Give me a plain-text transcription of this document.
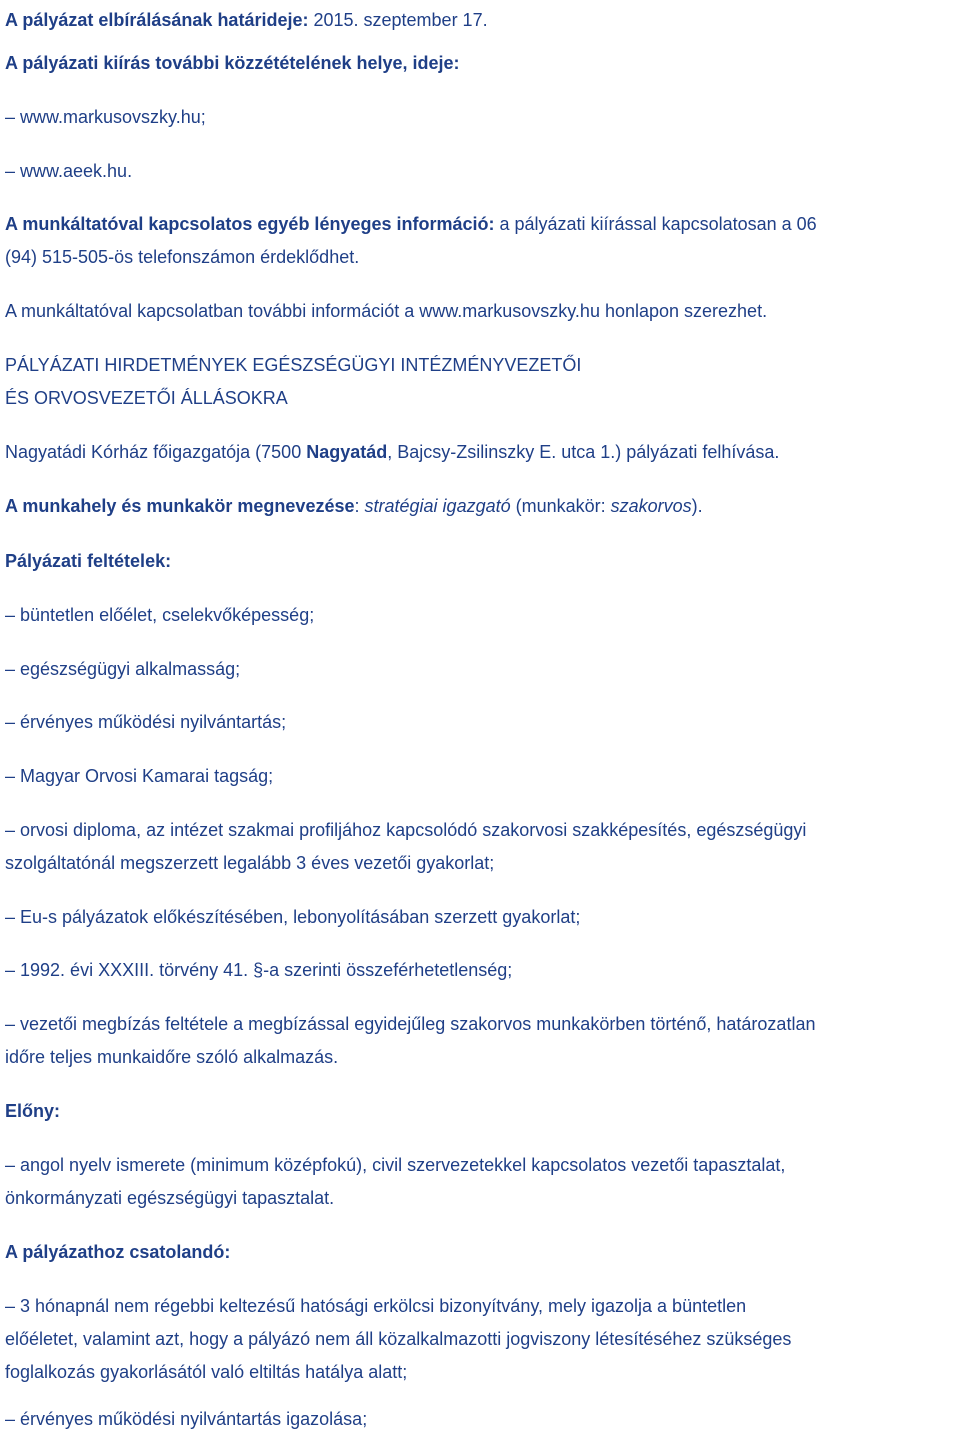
A pályázat elbírálásának határideje: 2015. szeptember 17.
A pályázati kiírás további közzétételének helye, ideje:
– www.markusovszky.hu;
– www.aeek.hu.
A munkáltatóval kapcsolatos egyéb lényeges információ: a pályázati kiírással kapcsolatosan a 06
(94) 515-505-ös telefonszámon érdeklődhet.
A munkáltatóval kapcsolatban további információt a www.markusovszky.hu honlapon szerezhet.
PÁLYÁZATI HIRDETMÉNYEK EGÉSZSÉGÜGYI INTÉZMÉNYVEZETŐI
ÉS ORVOSVEZETŐI ÁLLÁSOKRA
Nagyatádi Kórház főigazgatója (7500 Nagyatád, Bajcsy-Zsilinszky E. utca 1.) pályázati felhívása.
A munkahely és munkakör megnevezése: stratégiai igazgató (munkakör: szakorvos).
Pályázati feltételek:
– büntetlen előélet, cselekvőképesség;
– egészségügyi alkalmasság;
– érvényes működési nyilvántartás;
– Magyar Orvosi Kamarai tagság;
– orvosi diploma, az intézet szakmai profiljához kapcsolódó szakorvosi szakképesítés, egészségügyi
szolgáltatónál megszerzett legalább 3 éves vezetői gyakorlat;
– Eu-s pályázatok előkészítésében, lebonyolításában szerzett gyakorlat;
– 1992. évi XXXIII. törvény 41. §-a szerinti összeférhetetlenség;
– vezetői megbízás feltétele a megbízással egyidejűleg szakorvos munkakörben történő, határozatlan
időre teljes munkaidőre szóló alkalmazás.
Előny:
– angol nyelv ismerete (minimum középfokú), civil szervezetekkel kapcsolatos vezetői tapasztalat,
önkormányzati egészségügyi tapasztalat.
A pályázathoz csatolandó:
– 3 hónapnál nem régebbi keltezésű hatósági erkölcsi bizonyítvány, mely igazolja a büntetlen
előéletet, valamint azt, hogy a pályázó nem áll közalkalmazotti jogviszony létesítéséhez szükséges
foglalkozás gyakorlásától való eltiltás hatálya alatt;
– érvényes működési nyilvántartás igazolása;
